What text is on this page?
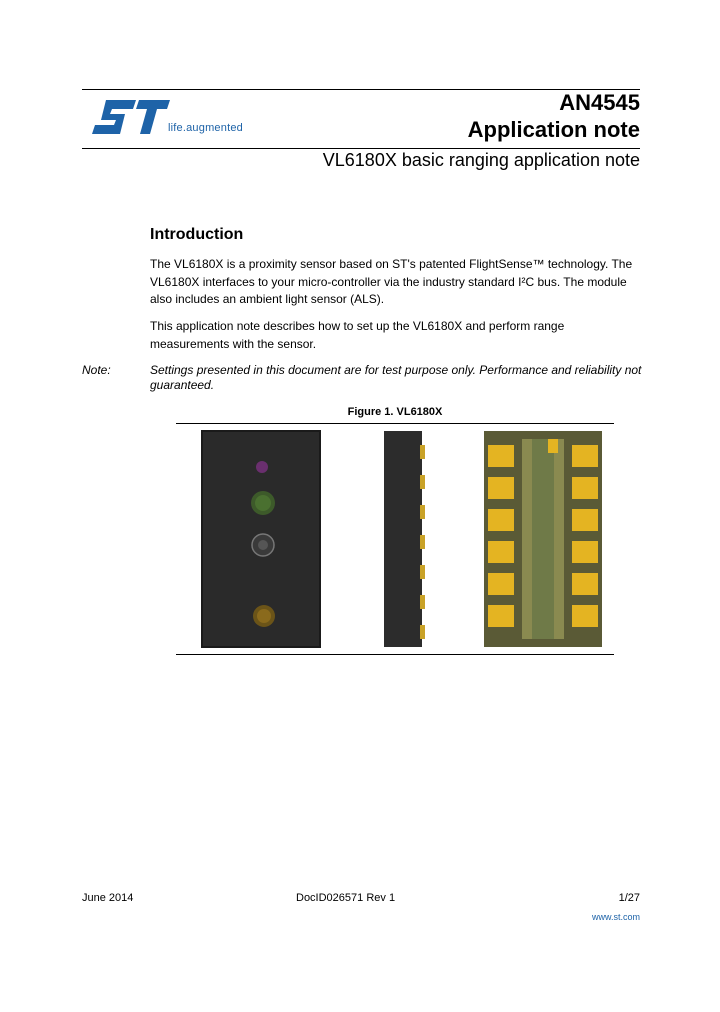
life.augmented
AN4545
Application note
VL6180X basic ranging application note
Introduction
The VL6180X is a proximity sensor based on ST's patented FlightSense™ technology. The VL6180X interfaces to your micro-controller via the industry standard I²C bus. The module also includes an ambient light sensor (ALS).
This application note describes how to set up the VL6180X and perform range measurements with the sensor.
Note:	Settings presented in this document are for test purpose only. Performance and reliability not guaranteed.
Figure 1. VL6180X
June 2014	DocID026571 Rev 1	1/27
www.st.com
